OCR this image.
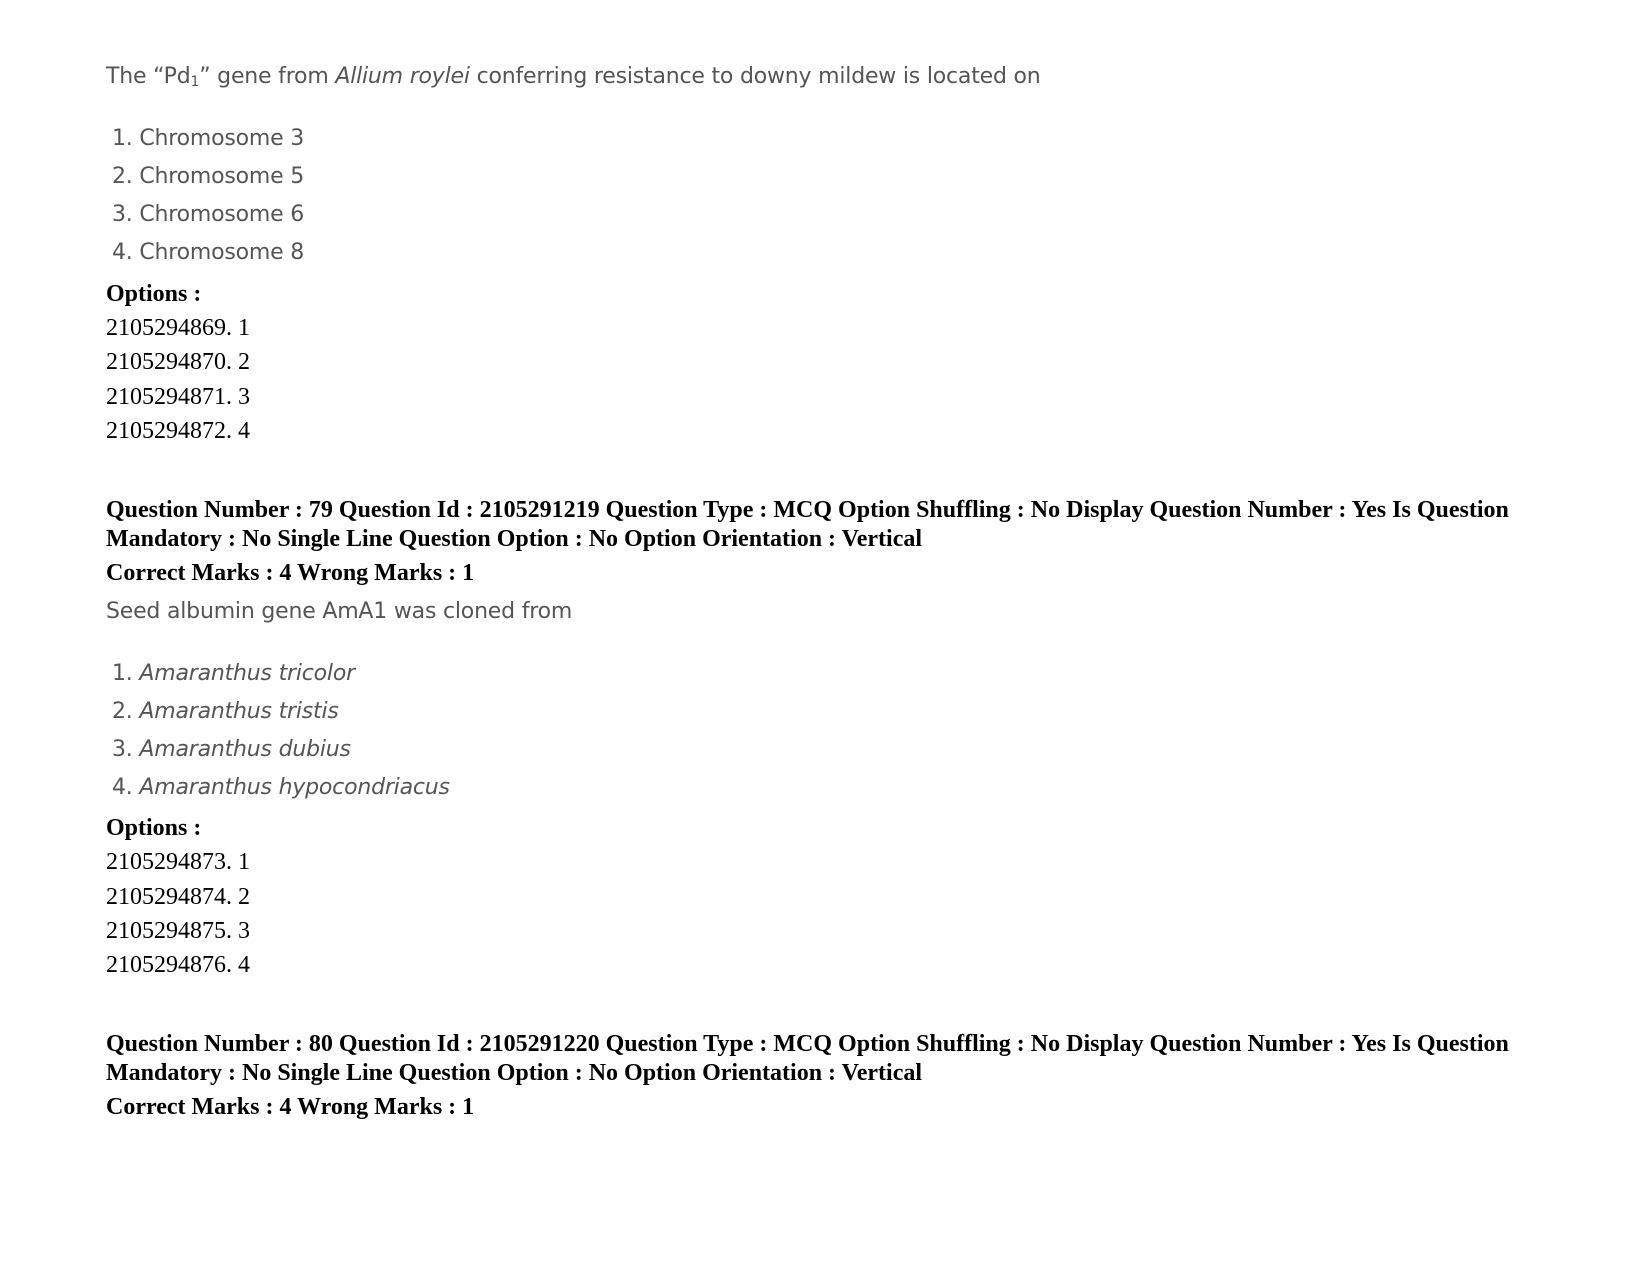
The “$Pd_1$” gene from Allium roylei conferring resistance to downy mildew is located on
1. Chromosome 3
2. Chromosome 5
3. Chromosome 6
4. Chromosome 8
Options :
2105294869. 1
2105294870. 2
2105294871. 3
2105294872. 4
Question Number : 79 Question Id : 2105291219 Question Type : MCQ Option Shuffling : No Display Question Number : Yes Is Question Mandatory : No Single Line Question Option : No Option Orientation : Vertical
Correct Marks : 4 Wrong Marks : 1
Seed albumin gene AmA1 was cloned from
1. Amaranthus tricolor
2. Amaranthus tristis
3. Amaranthus dubius
4. Amaranthus hypocondriacus
Options :
2105294873. 1
2105294874. 2
2105294875. 3
2105294876. 4
Question Number : 80 Question Id : 2105291220 Question Type : MCQ Option Shuffling : No Display Question Number : Yes Is Question Mandatory : No Single Line Question Option : No Option Orientation : Vertical
Correct Marks : 4 Wrong Marks : 1
